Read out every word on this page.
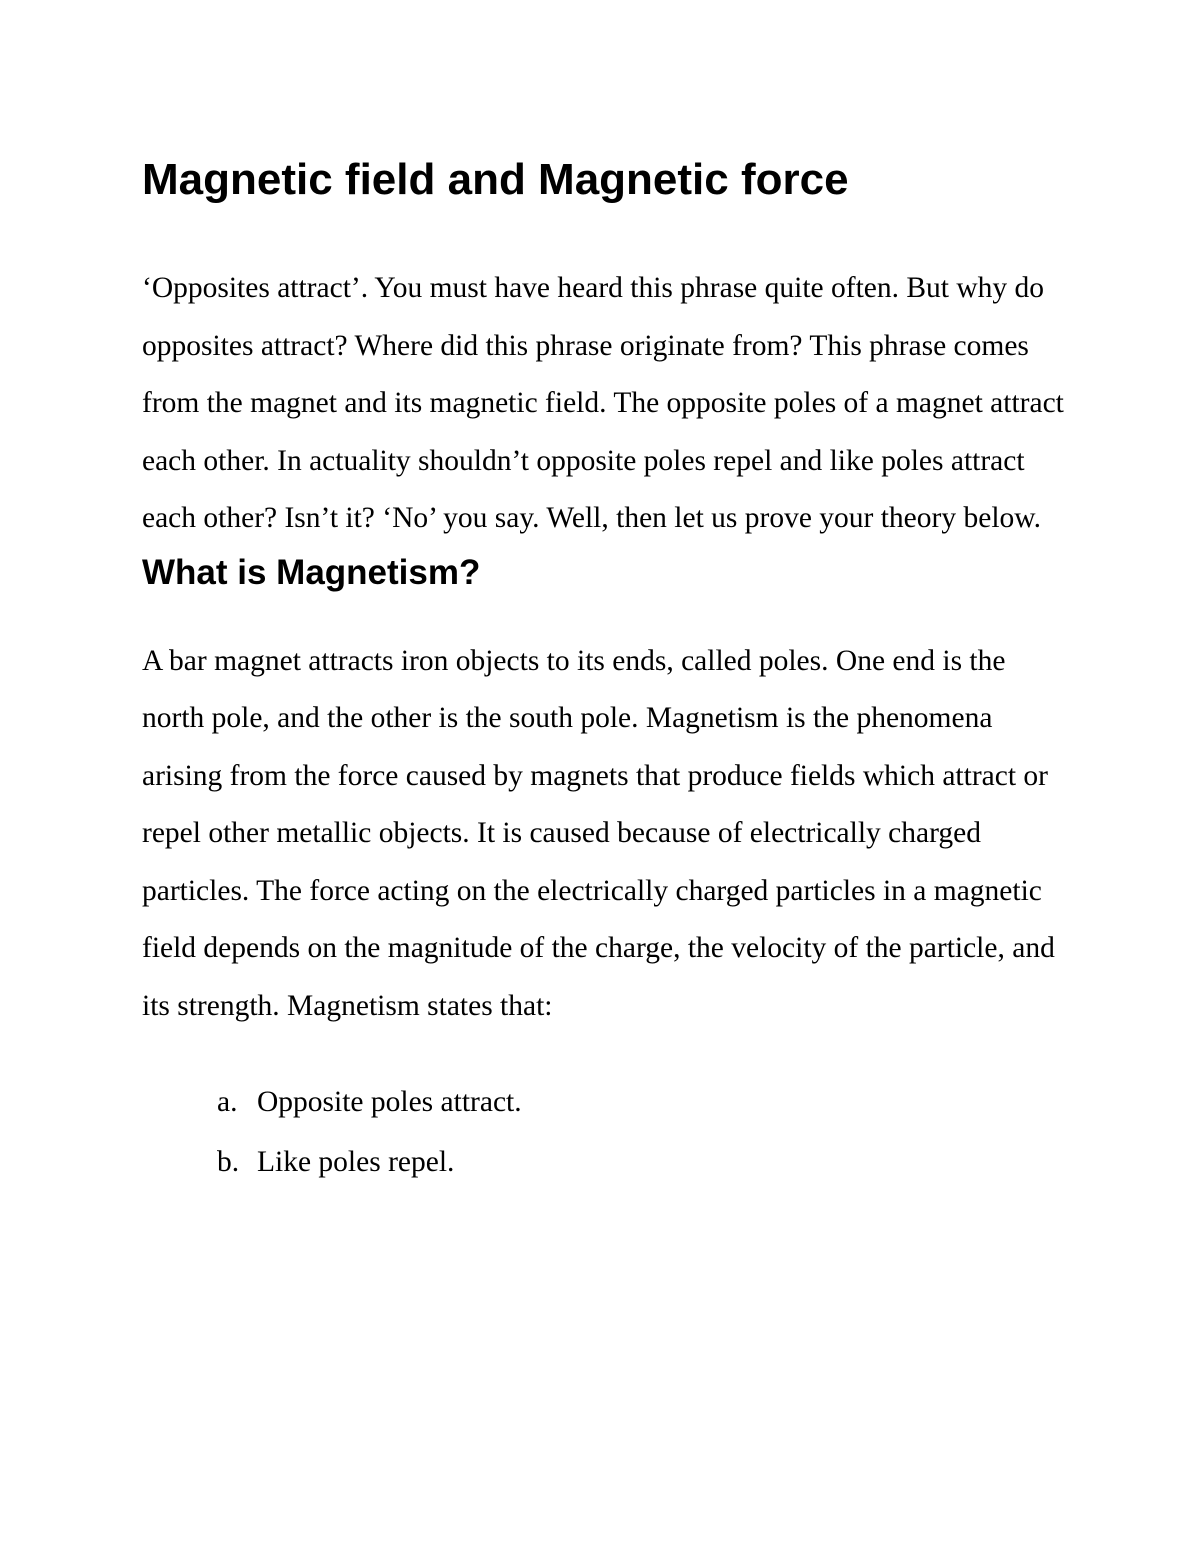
Magnetic field and Magnetic force

‘Opposites attract’. You must have heard this phrase quite often. But why do opposites attract? Where did this phrase originate from? This phrase comes from the magnet and its magnetic field. The opposite poles of a magnet attract each other. In actuality shouldn’t opposite poles repel and like poles attract each other? Isn’t it? ‘No’ you say. Well, then let us prove your theory below.

What is Magnetism?

A bar magnet attracts iron objects to its ends, called poles. One end is the north pole, and the other is the south pole. Magnetism is the phenomena arising from the force caused by magnets that produce fields which attract or repel other metallic objects. It is caused because of electrically charged particles. The force acting on the electrically charged particles in a magnetic field depends on the magnitude of the charge, the velocity of the particle, and its strength. Magnetism states that:

a. Opposite poles attract.
b. Like poles repel.
